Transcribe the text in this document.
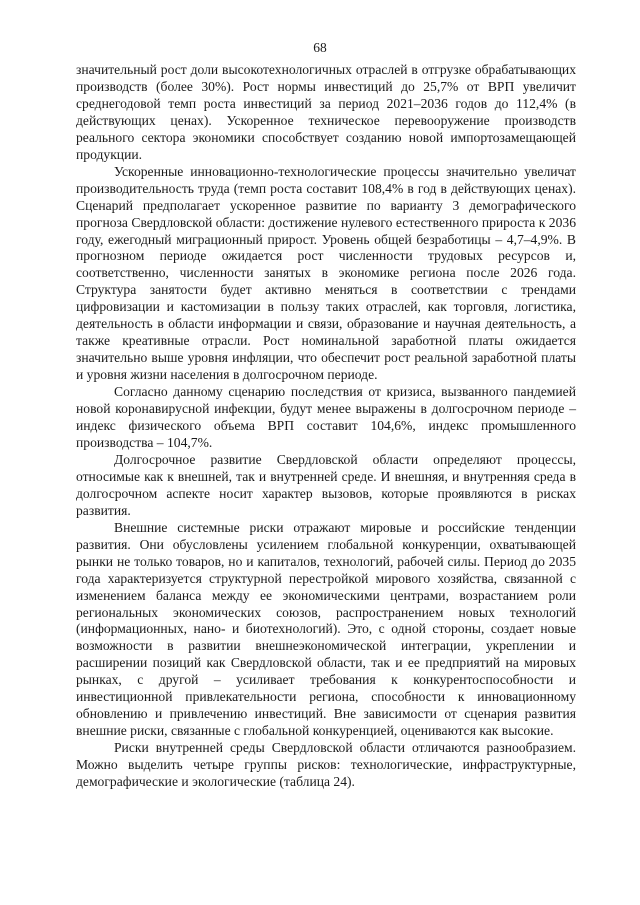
68

значительный рост доли высокотехнологичных отраслей в отгрузке обрабатывающих производств (более 30%). Рост нормы инвестиций до 25,7% от ВРП увеличит среднегодовой темп роста инвестиций за период 2021–2036 годов до 112,4% (в действующих ценах). Ускоренное техническое перевооружение производств реального сектора экономики способствует созданию новой импортозамещающей продукции.

Ускоренные инновационно-технологические процессы значительно увеличат производительность труда (темп роста составит 108,4% в год в действующих ценах). Сценарий предполагает ускоренное развитие по варианту 3 демографического прогноза Свердловской области: достижение нулевого естественного прироста к 2036 году, ежегодный миграционный прирост. Уровень общей безработицы – 4,7–4,9%. В прогнозном периоде ожидается рост численности трудовых ресурсов и, соответственно, численности занятых в экономике региона после 2026 года. Структура занятости будет активно меняться в соответствии с трендами цифровизации и кастомизации в пользу таких отраслей, как торговля, логистика, деятельность в области информации и связи, образование и научная деятельность, а также креативные отрасли. Рост номинальной заработной платы ожидается значительно выше уровня инфляции, что обеспечит рост реальной заработной платы и уровня жизни населения в долгосрочном периоде.

Согласно данному сценарию последствия от кризиса, вызванного пандемией новой коронавирусной инфекции, будут менее выражены в долгосрочном периоде – индекс физического объема ВРП составит 104,6%, индекс промышленного производства – 104,7%.

Долгосрочное развитие Свердловской области определяют процессы, относимые как к внешней, так и внутренней среде. И внешняя, и внутренняя среда в долгосрочном аспекте носит характер вызовов, которые проявляются в рисках развития.

Внешние системные риски отражают мировые и российские тенденции развития. Они обусловлены усилением глобальной конкуренции, охватывающей рынки не только товаров, но и капиталов, технологий, рабочей силы. Период до 2035 года характеризуется структурной перестройкой мирового хозяйства, связанной с изменением баланса между ее экономическими центрами, возрастанием роли региональных экономических союзов, распространением новых технологий (информационных, нано- и биотехнологий). Это, с одной стороны, создает новые возможности в развитии внешнеэкономической интеграции, укреплении и расширении позиций как Свердловской области, так и ее предприятий на мировых рынках, с другой – усиливает требования к конкурентоспособности и инвестиционной привлекательности региона, способности к инновационному обновлению и привлечению инвестиций. Вне зависимости от сценария развития внешние риски, связанные с глобальной конкуренцией, оцениваются как высокие.

Риски внутренней среды Свердловской области отличаются разнообразием. Можно выделить четыре группы рисков: технологические, инфраструктурные, демографические и экологические (таблица 24).
